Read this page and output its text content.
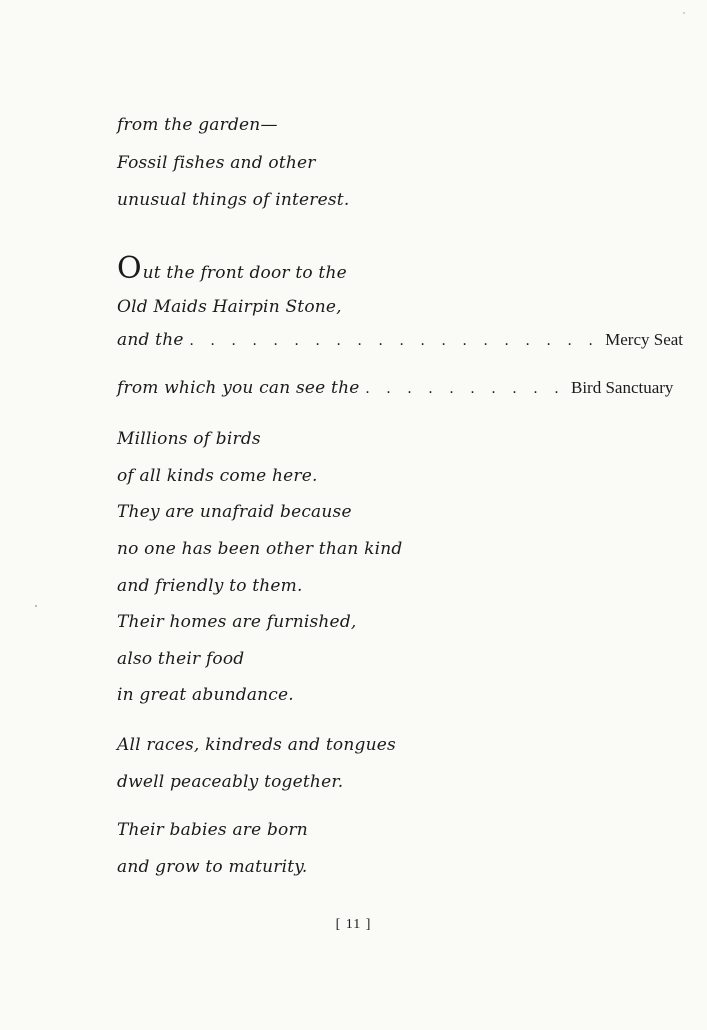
from the garden—
Fossil fishes and other
unusual things of interest.
Out the front door to the
Old Maids Hairpin Stone,
and the . . . . . . . . . . . . . . . . . . . . Mercy Seat
from which you can see the . . . . . . . . . . Bird Sanctuary
Millions of birds
of all kinds come here.
They are unafraid because
no one has been other than kind
and friendly to them.
Their homes are furnished,
also their food
in great abundance.
All races, kindreds and tongues
dwell peaceably together.
Their babies are born
and grow to maturity.
[ 11 ]
